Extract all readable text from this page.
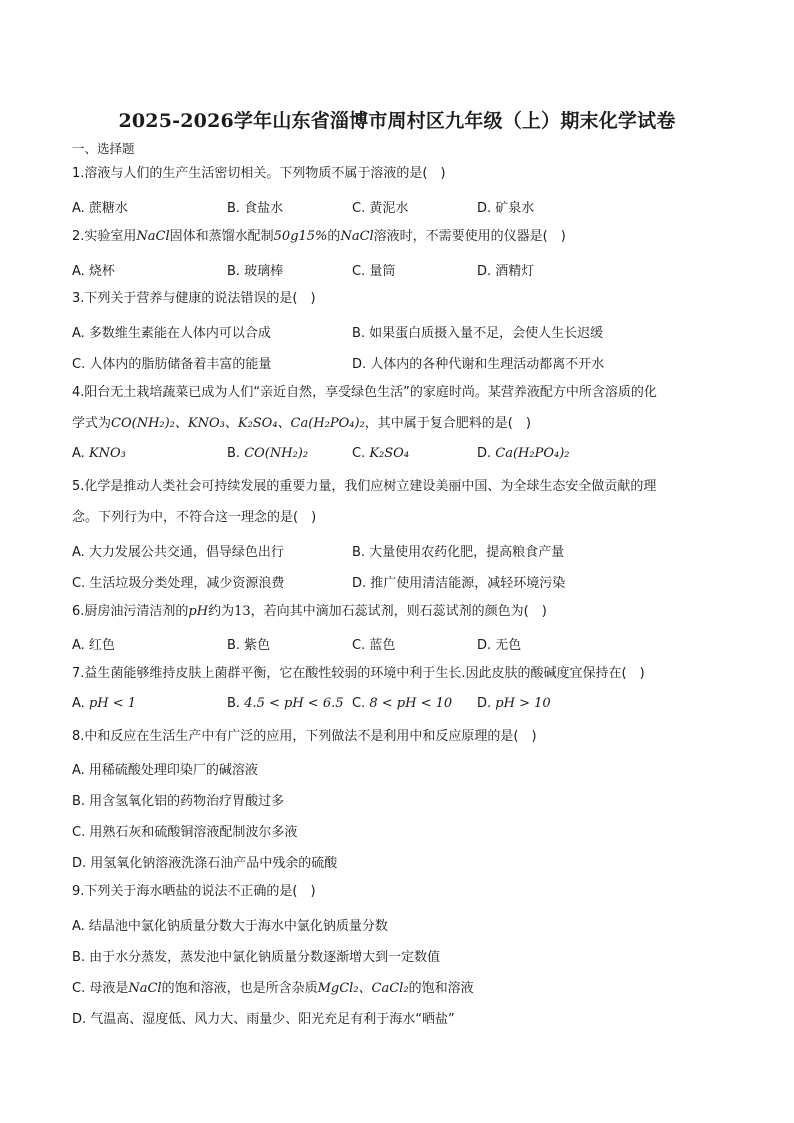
2025-2026学年山东省淄博市周村区九年级（上）期末化学试卷
一、选择题
1.溶液与人们的生产生活密切相关。下列物质不属于溶液的是(　)
A. 蔗糖水	B. 食盐水	C. 黄泥水	D. 矿泉水
2.实验室用NaCl固体和蒸馏水配制50g15%的NaCl溶液时，不需要使用的仪器是(　)
A. 烧杯	B. 玻璃棒	C. 量筒	D. 酒精灯
3.下列关于营养与健康的说法错误的是(　)
A. 多数维生素能在人体内可以合成	B. 如果蛋白质摄入量不足，会使人生长迟缓
C. 人体内的脂肪储备着丰富的能量	D. 人体内的各种代谢和生理活动都离不开水
4.阳台无土栽培蔬菜已成为人们“亲近自然，享受绿色生活”的家庭时尚。某营养液配方中所含溶质的化
学式为CO(NH₂)₂、KNO₃、K₂SO₄、Ca(H₂PO₄)₂，其中属于复合肥料的是(　)
A. KNO₃	B. CO(NH₂)₂	C. K₂SO₄	D. Ca(H₂PO₄)₂
5.化学是推动人类社会可持续发展的重要力量，我们应树立建设美丽中国、为全球生态安全做贡献的理
念。下列行为中，不符合这一理念的是(　)
A. 大力发展公共交通，倡导绿色出行	B. 大量使用农药化肥，提高粮食产量
C. 生活垃圾分类处理，减少资源浪费	D. 推广使用清洁能源，减轻环境污染
6.厨房油污清洁剂的pH约为13，若向其中滴加石蕊试剂，则石蕊试剂的颜色为(　)
A. 红色	B. 紫色	C. 蓝色	D. 无色
7.益生菌能够维持皮肤上菌群平衡，它在酸性较弱的环境中利于生长.因此皮肤的酸碱度宜保持在(　)
A. pH < 1	B. 4.5 < pH < 6.5 C. 8 < pH < 10 D. pH > 10
8.中和反应在生活生产中有广泛的应用，下列做法不是利用中和反应原理的是(　)
A. 用稀硫酸处理印染厂的碱溶液
B. 用含氢氧化铝的药物治疗胃酸过多
C. 用熟石灰和硫酸铜溶液配制波尔多液
D. 用氢氧化钠溶液洗涤石油产品中残余的硫酸
9.下列关于海水晒盐的说法不正确的是(　)
A. 结晶池中氯化钠质量分数大于海水中氯化钠质量分数
B. 由于水分蒸发，蒸发池中氯化钠质量分数逐渐增大到一定数值
C. 母液是NaCl的饱和溶液，也是所含杂质MgCl₂、CaCl₂的饱和溶液
D. 气温高、湿度低、风力大、雨量少、阳光充足有利于海水“晒盐”
